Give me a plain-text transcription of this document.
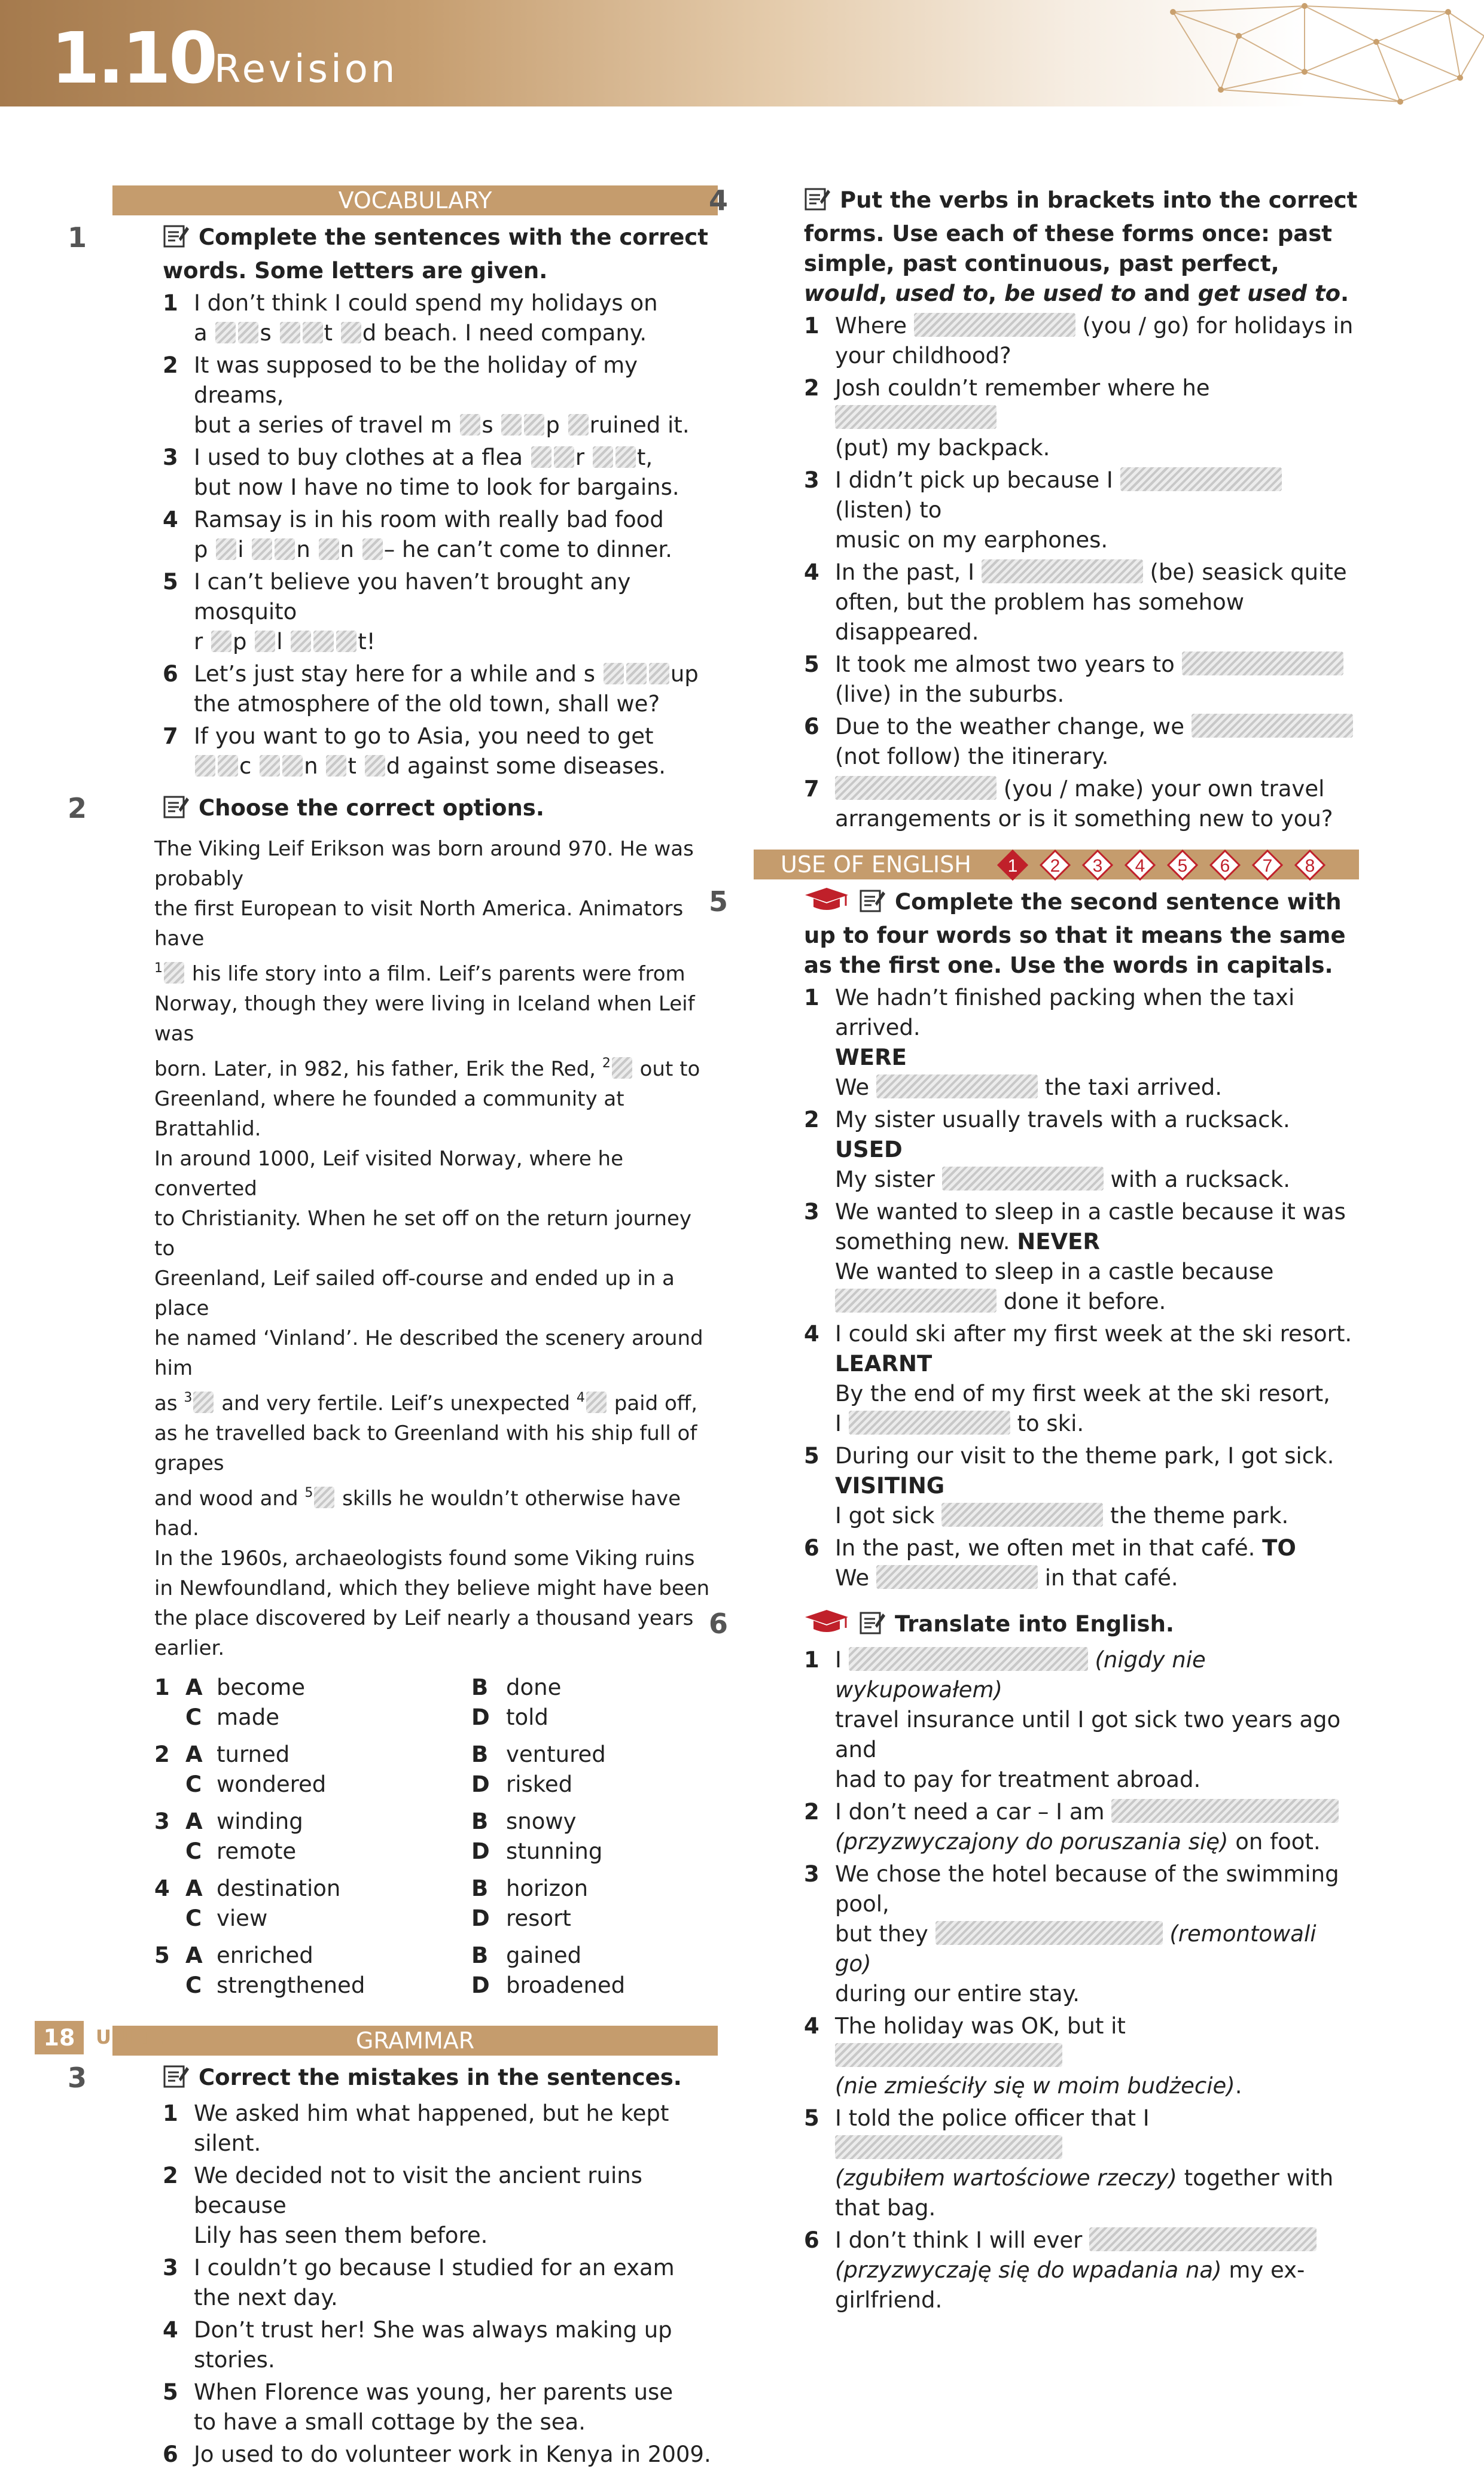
1.10
Revision
VOCABULARY
1	Complete the sentences with the correct words. Some letters are given.
1 I don’t think I could spend my holidays on
a s t d beach. I need company.
2 It was supposed to be the holiday of my dreams,
but a series of travel m s p ruined it.
3 I used to buy clothes at a flea r t,
but now I have no time to look for bargains.
4 Ramsay is in his room with really bad food
p i n n – he can’t come to dinner.
5 I can’t believe you haven’t brought any mosquito
r p l	t!
6 Let’s just stay here for a while and s	up
the atmosphere of the old town, shall we?
7 If you want to go to Asia, you need to get
c n t d against some diseases.
2	Choose the correct options.
The Viking Leif Erikson was born around 970. He was probably
the first European to visit North America. Animators have
$^1$ his life story into a film. Leif’s parents were from
Norway, though they were living in Iceland when Leif was
born. Later, in 982, his father, Erik the Red, $^2$ out to
Greenland, where he founded a community at Brattahlid.
In around 1000, Leif visited Norway, where he converted
to Christianity. When he set off on the return journey to
Greenland, Leif sailed off-course and ended up in a place
he named ‘Vinland’. He described the scenery around him
as $^3$ and very fertile. Leif’s unexpected $^4$ paid off,
as he travelled back to Greenland with his ship full of grapes
and wood and $^5$ skills he wouldn’t otherwise have had.
In the 1960s, archaeologists found some Viking ruins
in Newfoundland, which they believe might have been
the place discovered by Leif nearly a thousand years earlier.
1 A become	B done
C made	D told
2 A turned	B ventured
C wondered	D risked
3 A winding	B snowy
C remote	D stunning
4 A destination	B horizon
C view	D resort
5 A enriched	B gained
C strengthened	D broadened
GRAMMAR
3	Correct the mistakes in the sentences.
1 We asked him what happened, but he kept silent.
2 We decided not to visit the ancient ruins because
Lily has seen them before.
3 I couldn’t go because I studied for an exam
the next day.
4 Don’t trust her! She was always making up stories.
5 When Florence was young, her parents use
to have a small cottage by the sea.
6 Jo used to do volunteer work in Kenya in 2009.
4	Put the verbs in brackets into the correct forms. Use each of these forms once: past simple, past continuous, past perfect, would, used to, be used to and get used to.
1 Where	(you / go) for holidays in
your childhood?
2 Josh couldn’t remember where he
(put) my backpack.
3 I didn’t pick up because I  (listen) to
music on my earphones.
4 In the past, I	(be) seasick quite
often, but the problem has somehow disappeared.
5 It took me almost two years to
(live) in the suburbs.
6 Due to the weather change, we
(not follow) the itinerary.
7	(you / make) your own travel
arrangements or is it something new to you?
USE OF ENGLISH 1 2 3 4 5 6 7 8
5	Complete the second sentence with up to four words so that it means the same as the first one. Use the words in capitals.
1 We hadn’t finished packing when the taxi arrived.
WERE
We	the taxi arrived.
2 My sister usually travels with a rucksack. USED
My sister	with a rucksack.
3 We wanted to sleep in a castle because it was
something new. NEVER
We wanted to sleep in a castle because
done it before.
4 I could ski after my first week at the ski resort.
LEARNT
By the end of my first week at the ski resort,
I	to ski.
5 During our visit to the theme park, I got sick.
VISITING
I got sick	the theme park.
6 In the past, we often met in that café. TO
We	in that café.
6	Translate into English.
1 I	(nigdy nie wykupowałem)
travel insurance until I got sick two years ago and
had to pay for treatment abroad.
2 I don’t need a car – I am
(przyzwyczajony do poruszania się) on foot.
3 We chose the hotel because of the swimming pool,
but they	(remontowali go)
during our entire stay.
4 The holiday was OK, but it
(nie zmieściły się w moim budżecie).
5 I told the police officer that I
(zgubiłem wartościowe rzeczy) together with that bag.
6 I don’t think I will ever
(przyzwyczaję się do wpadania na) my ex-girlfriend.
18	UNIT 1
